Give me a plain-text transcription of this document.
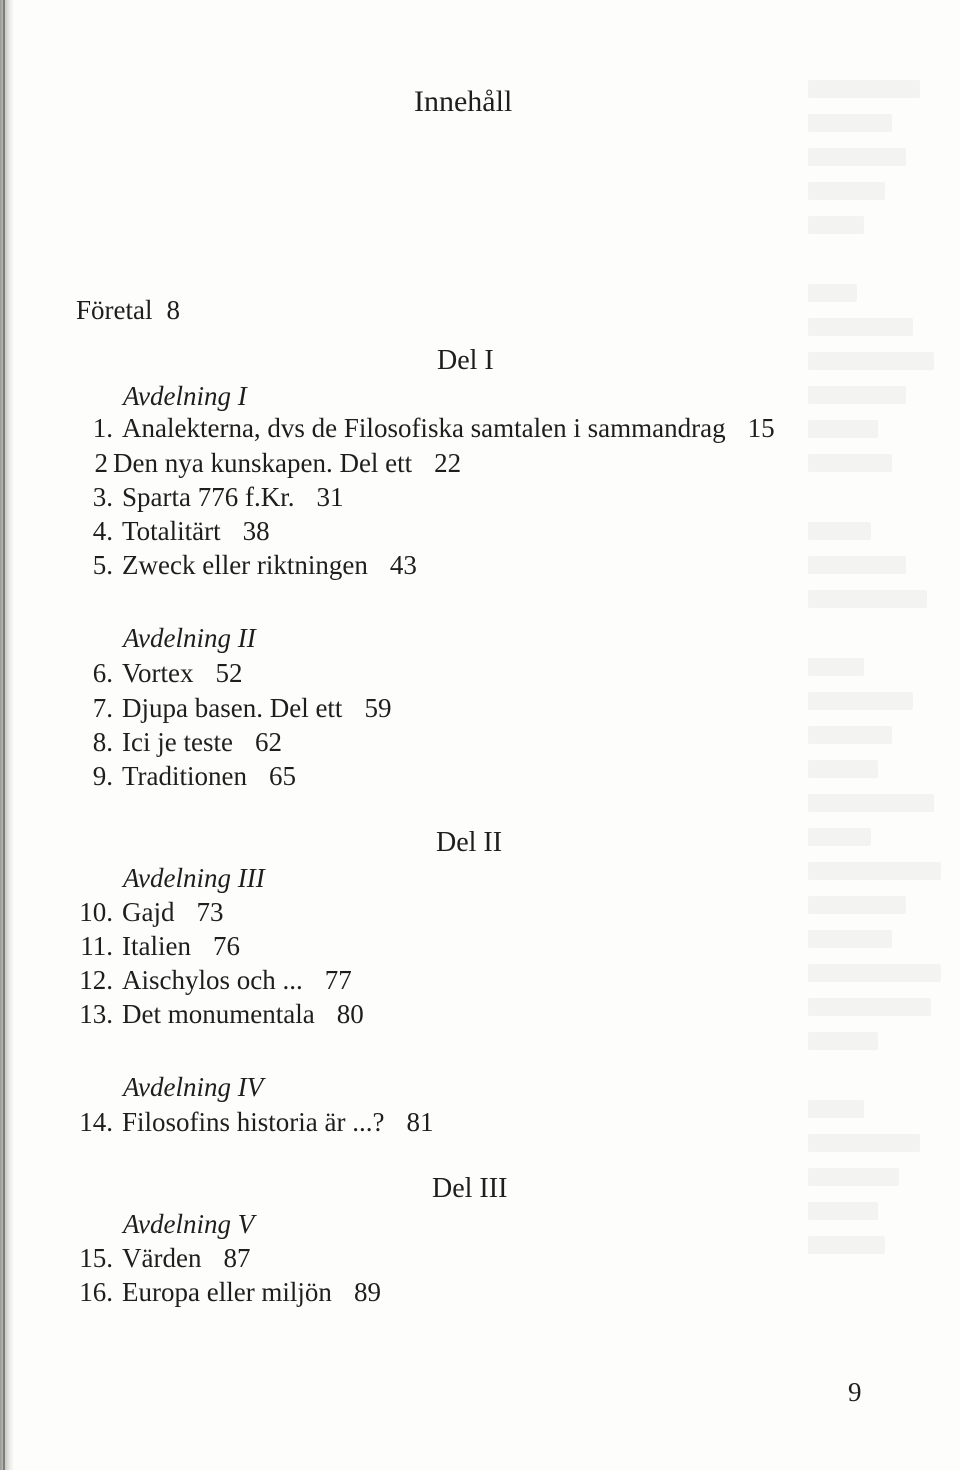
Innehåll
Företal 8
Del I
Avdelning I
1. Analekterna, dvs de Filosofiska samtalen i sammandrag 15
2 Den nya kunskapen. Del ett 22
3. Sparta 776 f.Kr. 31
4. Totalitärt 38
5. Zweck eller riktningen 43
Avdelning II
6. Vortex 52
7. Djupa basen. Del ett 59
8. Ici je teste 62
9. Traditionen 65
Del II
Avdelning III
10. Gajd 73
11. Italien 76
12. Aischylos och ... 77
13. Det monumentala 80
Avdelning IV
14. Filosofins historia är ...? 81
Del III
Avdelning V
15. Värden 87
16. Europa eller miljön 89
9
